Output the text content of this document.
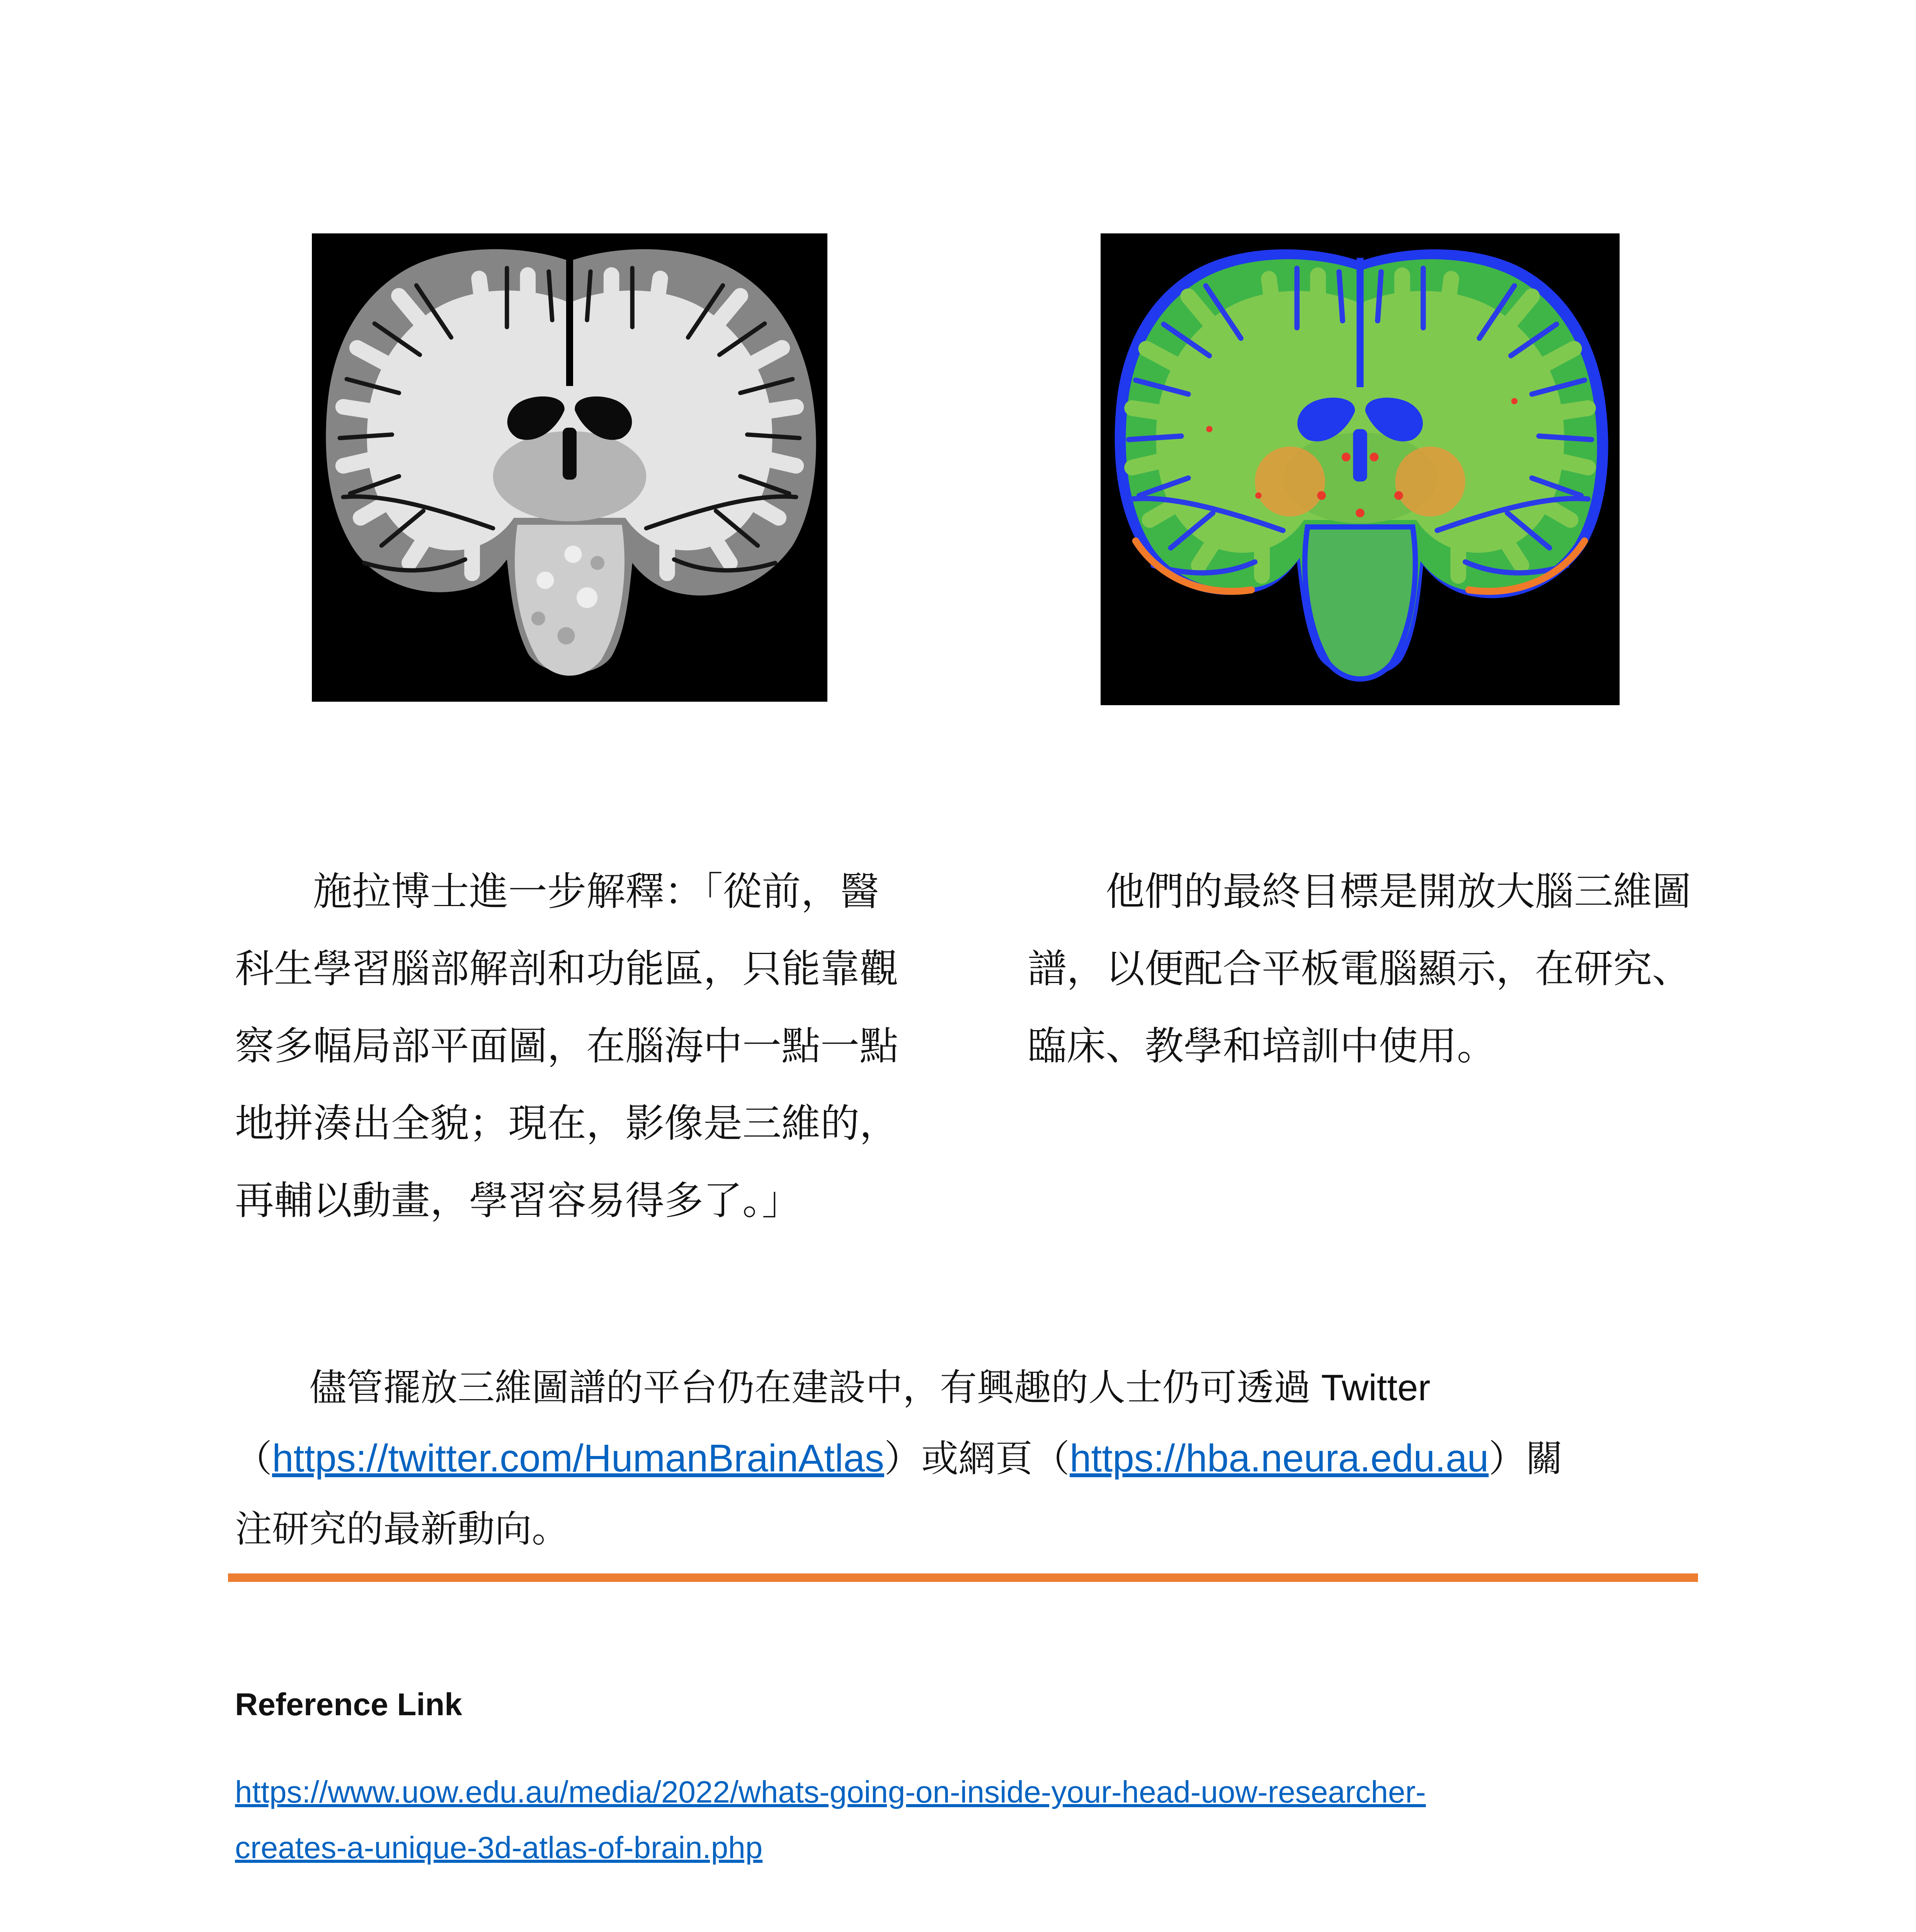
施拉博士進一步解釋：「從前，醫
科生學習腦部解剖和功能區，只能靠觀
察多幅局部平面圖，在腦海中一點一點
地拼湊出全貌；現在，影像是三維的，
再輔以動畫，學習容易得多了。」
他們的最終目標是開放大腦三維圖
譜，以便配合平板電腦顯示，在研究、
臨床、教學和培訓中使用。
儘管擺放三維圖譜的平台仍在建設中，有興趣的人士仍可透過 Twitter
（https://twitter.com/HumanBrainAtlas）或網頁（https://hba.neura.edu.au）關
注研究的最新動向。
Reference Link
https://www.uow.edu.au/media/2022/whats-going-on-inside-your-head-uow-researcher-
creates-a-unique-3d-atlas-of-brain.php
